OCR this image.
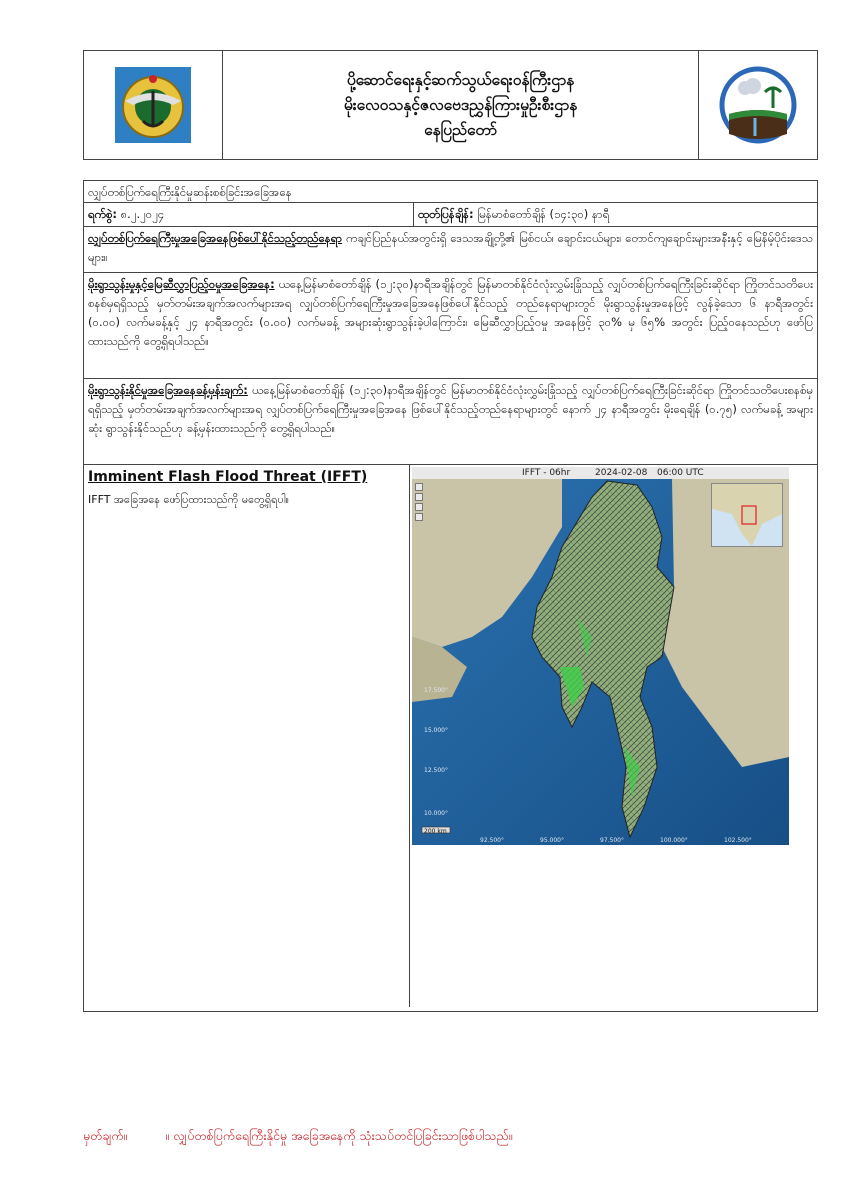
ပို့ဆောင်ရေးနှင့်ဆက်သွယ်ရေးဝန်ကြီးဌာန
မိုးလေဝသနှင့်ဇလဗေဒညွှန်ကြားမှုဦးစီးဌာန
နေပြည်တော်
လျှပ်တစ်ပြက်ရေကြီးနိုင်မှုဆန်းစစ်ခြင်းအခြေအနေ
ရက်စွဲ: ၈.၂.၂၀၂၄	ထုတ်ပြန်ချိန်: မြန်မာစံတော်ချိန် (၁၄:၃၀) နာရီ
လျှပ်တစ်ပြက်ရေကြီးမှုအခြေအနေဖြစ်ပေါ်နိုင်သည့်တည်နေရာ ကချင်ပြည်နယ်အတွင်းရှိ ဒေသအချို့တို့၏ မြစ်ငယ်၊ ချောင်းငယ်များ၊ တောင်ကျချောင်းများအနီးနှင့် မြေနိမ့်ပိုင်းဒေသများ။
မိုးရွာသွန်းမှုနှင့်မြေဆီလွှာပြည့်ဝမှုအခြေအနေ: ယနေ့မြန်မာစံတော်ချိန် (၁၂:၃၀)နာရီအချိန်တွင် မြန်မာတစ်နိုင်ငံလုံးလွှမ်းခြုံသည့် လျှပ်တစ်ပြက်ရေကြီးခြင်းဆိုင်ရာ ကြိုတင်သတိပေးစနစ်မှရရှိသည့် မှတ်တမ်းအချက်အလက်များအရ လျှပ်တစ်ပြက်ရေကြီးမှုအခြေအနေဖြစ်ပေါ်နိုင်သည့် တည်နေရာများတွင် မိုးရွာသွန်းမှုအနေဖြင့် လွန်ခဲ့သော ၆ နာရီအတွင်း (၀.၀၀) လက်မခန့်နှင့် ၂၄ နာရီအတွင်း (၀.၀၀) လက်မခန့် အများဆုံးရွာသွန်းခဲ့ပါကြောင်း၊ မြေဆီလွှာပြည့်ဝမှု အနေဖြင့် ၃၀% မှ ၆၅% အတွင်း ပြည့်ဝနေသည်ဟု ဖော်ပြထားသည်ကို တွေ့ရှိရပါသည်။
မိုးရွာသွန်းနိုင်မှုအခြေအနေခန့်မှန်းချက်: ယနေ့မြန်မာစံတော်ချိန် (၁၂:၃၀)နာရီအချိန်တွင် မြန်မာတစ်နိုင်ငံလုံးလွှမ်းခြုံသည့် လျှပ်တစ်ပြက်ရေကြီးခြင်းဆိုင်ရာ ကြိုတင်သတိပေးစနစ်မှ ရရှိသည့် မှတ်တမ်းအချက်အလက်များအရ လျှပ်တစ်ပြက်ရေကြီးမှုအခြေအနေ ဖြစ်ပေါ်နိုင်သည့်တည်နေရာများတွင် နောက် ၂၄ နာရီအတွင်း မိုးရေချိန် (၀.၇၅) လက်မခန့် အများဆုံး ရွာသွန်းနိုင်သည်ဟု ခန့်မှန်းထားသည်ကို တွေ့ရှိရပါသည်။
Imminent Flash Flood Threat (IFFT)
IFFT အခြေအနေ ဖော်ပြထားသည်ကို မတွေ့ရှိရပါ။
IFFT - 06hr	2024-02-08 06:00 UTC
17.500°
15.000°
12.500°
10.000°
92.500°	95.000°	97.500°	100.000°	102.500°
200 km
မှတ်ချက်။	။ လျှပ်တစ်ပြက်ရေကြီးနိုင်မှု အခြေအနေကို သုံးသပ်တင်ပြခြင်းသာဖြစ်ပါသည်။
